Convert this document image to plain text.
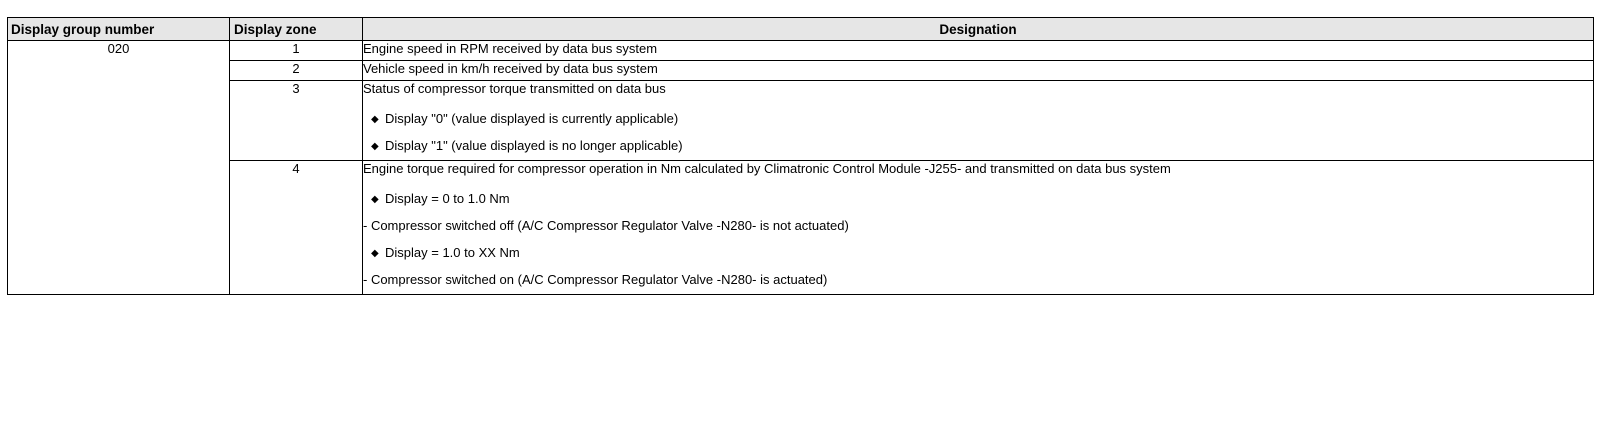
Display group number	Display zone	Designation
020	1	Engine speed in RPM received by data bus system

	2	Vehicle speed in km/h received by data bus system

	3	Status of compressor torque transmitted on data bus
◆ Display "0" (value displayed is currently applicable)
◆ Display "1" (value displayed is no longer applicable)

	4	Engine torque required for compressor operation in Nm calculated by Climatronic Control Module -J255- and transmitted on data bus system
◆ Display = 0 to 1.0 Nm
- Compressor switched off (A/C Compressor Regulator Valve -N280- is not actuated)
◆ Display = 1.0 to XX Nm
- Compressor switched on (A/C Compressor Regulator Valve -N280- is actuated)
